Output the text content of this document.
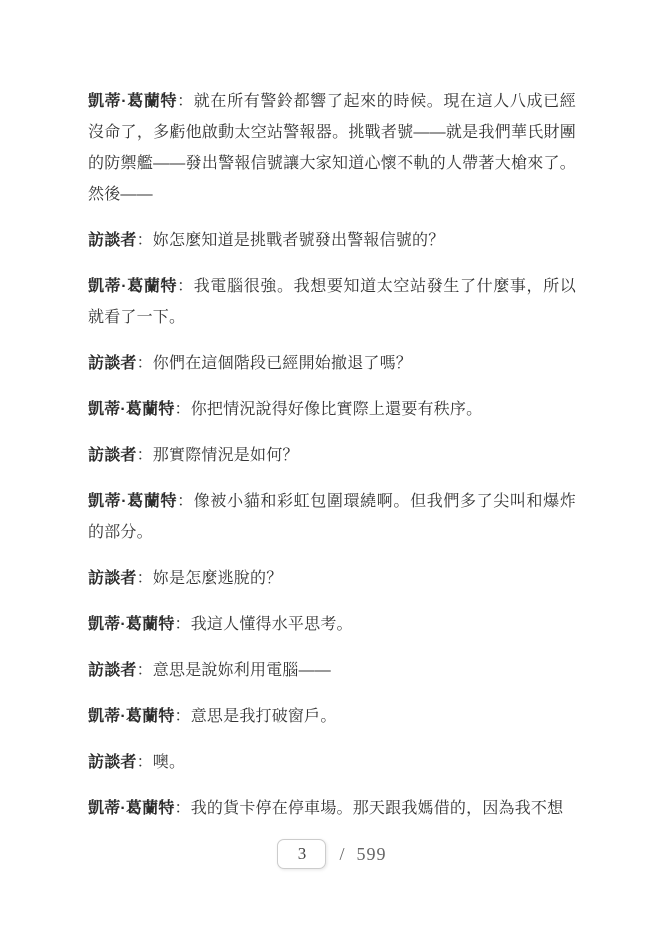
凱蒂·葛蘭特：就在所有警鈴都響了起來的時候。現在這人八成已經沒命了，多虧他啟動太空站警報器。挑戰者號——就是我們華氏財團的防禦艦——發出警報信號讓大家知道心懷不軌的人帶著大槍來了。然後——

訪談者：妳怎麼知道是挑戰者號發出警報信號的？

凱蒂·葛蘭特：我電腦很強。我想要知道太空站發生了什麼事，所以就看了一下。

訪談者：你們在這個階段已經開始撤退了嗎？

凱蒂·葛蘭特：你把情況說得好像比實際上還要有秩序。

訪談者：那實際情況是如何？

凱蒂·葛蘭特：像被小貓和彩虹包圍環繞啊。但我們多了尖叫和爆炸的部分。

訪談者：妳是怎麼逃脫的？

凱蒂·葛蘭特：我這人懂得水平思考。

訪談者：意思是說妳利用電腦——

凱蒂·葛蘭特：意思是我打破窗戶。

訪談者：噢。

凱蒂·葛蘭特：我的貨卡停在停車場。那天跟我媽借的，因為我不想

3
/ 599
